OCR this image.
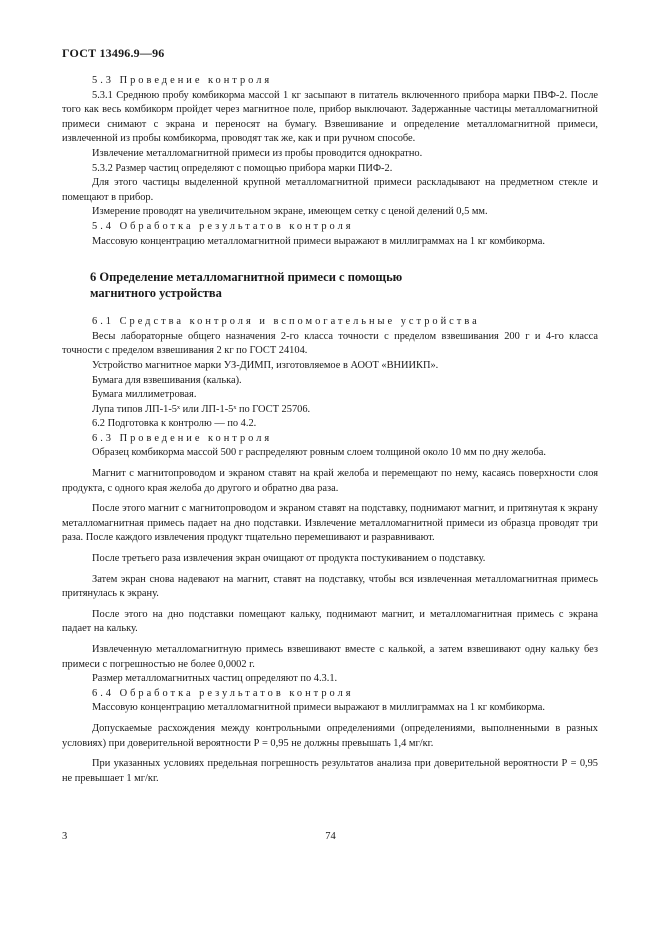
ГОСТ 13496.9—96

5.3 Проведение контроля

5.3.1 Среднюю пробу комбикорма массой 1 кг засыпают в питатель включенного прибора марки ПВФ-2. После того как весь комбикорм пройдет через магнитное поле, прибор выключают. Задержанные частицы металломагнитной примеси снимают с экрана и переносят на бумагу. Взвешивание и определение металломагнитной примеси, извлеченной из пробы комбикорма, проводят так же, как и при ручном способе.

Извлечение металломагнитной примеси из пробы проводится однократно.

5.3.2 Размер частиц определяют с помощью прибора марки ПИФ-2.

Для этого частицы выделенной крупной металломагнитной примеси раскладывают на предметном стекле и помещают в прибор.

Измерение проводят на увеличительном экране, имеющем сетку с ценой делений 0,5 мм.

5.4 Обработка результатов контроля

Массовую концентрацию металломагнитной примеси выражают в миллиграммах на 1 кг комбикорма.

6 Определение металломагнитной примеси с помощью
магнитного устройства

6.1 Средства контроля и вспомогательные устройства

Весы лабораторные общего назначения 2-го класса точности с пределом взвешивания 200 г и 4-го класса точности с пределом взвешивания 2 кг по ГОСТ 24104.

Устройство магнитное марки УЗ-ДИМП, изготовляемое в АООТ «ВНИИКП».

Бумага для взвешивания (калька).

Бумага миллиметровая.

Лупа типов ЛП-1-5ˣ или ЛП-1-5ˣ по ГОСТ 25706.

6.2 Подготовка к контролю — по 4.2.

6.3 Проведение контроля

Образец комбикорма массой 500 г распределяют ровным слоем толщиной около 10 мм по дну желоба.

Магнит с магнитопроводом и экраном ставят на край желоба и перемещают по нему, касаясь поверхности слоя продукта, с одного края желоба до другого и обратно два раза.

После этого магнит с магнитопроводом и экраном ставят на подставку, поднимают магнит, и притянутая к экрану металломагнитная примесь падает на дно подставки. Извлечение металломагнитной примеси из образца проводят три раза. После каждого извлечения продукт тщательно перемешивают и разравнивают.

После третьего раза извлечения экран очищают от продукта постукиванием о подставку.

Затем экран снова надевают на магнит, ставят на подставку, чтобы вся извлеченная металломагнитная примесь притянулась к экрану.

После этого на дно подставки помещают кальку, поднимают магнит, и металломагнитная примесь с экрана падает на кальку.

Извлеченную металломагнитную примесь взвешивают вместе с калькой, а затем взвешивают одну кальку без примеси с погрешностью не более 0,0002 г.

Размер металломагнитных частиц определяют по 4.3.1.

6.4 Обработка результатов контроля

Массовую концентрацию металломагнитной примеси выражают в миллиграммах на 1 кг комбикорма.

Допускаемые расхождения между контрольными определениями (определениями, выполненными в разных условиях) при доверительной вероятности Р = 0,95 не должны превышать 1,4 мг/кг.

При указанных условиях предельная погрешность результатов анализа при доверительной вероятности Р = 0,95 не превышает 1 мг/кг.

3	74
